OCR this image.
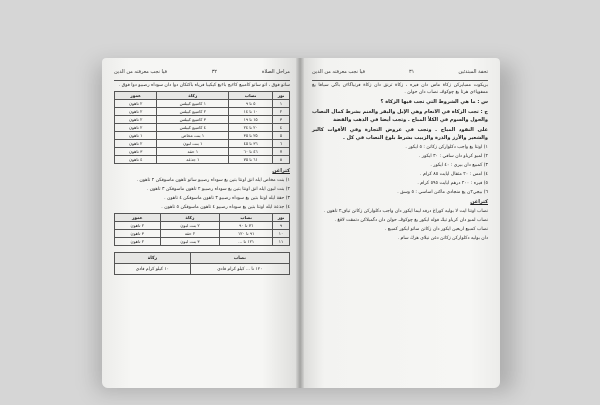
فيا نجب معرفته من الدين	٣٢	مراحل الصلاة

ساتو فوق ، اتو ساتو كامبيع كاءيج باءيغ كيكيبا فرياه باكتكان دوا دان سوداه رصبيو دوا فوق .

نور	نصاب	زكاة	عمور
١	٥ تا ٩	١ كامبيع كيبلس	٢ تاهون
٢	١٠ تا ١٤	٢ كامبيع كيبلس	٢ تاهون
٣	١٥ تا ١٩	٣ كامبيع كيبلس	٢ تاهون
٤	٢٠ تا ٢٤	٤ كامبيع كيبلس	٢ تاهون
٥	٢٥ تا ٣٥	١ بنت مخاض	١ تاهون
٦	٣٦ تا ٤٥	١ بنت لبون	٢ تاهون
٧	٤٦ تا ٦٠	١ حقة	٣ تاهون
٨	٦١ تا ٧٥	١ جذعة	٤ تاهون
كتراغن

١) بنت مخاض ايله انق اونتا بتين يغ سوداه رصبيو ساتو تاهون ماسوقكن ٢ تاهون .

٢) بنت لبون ايله انق اونتا بتين يغ سوداه رصبيو ٢ تاهون ماسوقكن ٣ تاهون .

٣) حقة ايله اونتا بتين يغ سوداه رصبيو ٣ تاهون ماسوقكن ٤ تاهون .

٤) جذعة ايله اونتا بتين يغ سوداه رصبيو ٤ تاهون ماسوقكن ٥ تاهون .

نور	نصاب	زكاة	عمور
٩	٧٦ تا ٩٠	٢ بنت لبون	٢ تاهون
١٠	٩١ تا ١٢٠	٢ حقة	٣ تاهون
١١	١٢١ تا ...	٣ بنت لبون	٢ تاهون
نصاب	زكاة
١٢٠ تا ... كيلو كرام فادي	١٠ كيلو كرام فادي
فيا نجب معرفته من الدين	٣١	تحفة المبتدئين

بريكوت ممبايركن زكاة ماس دان فيره ، زكاة ترنق دان زكاة فرنياڬاءن باڬي سيافا يغ ممفوڽاءي هرتا يغ چوکوڤ نصاب دان حولڽ .

س : ما هي الشروط التي تجب فيها الزكاة ؟

ج : تجب الزكاة في الانعام وهي الإبل والبقر والغنم بشرط كمال النصاب والحول والسوم في الكلأ المباح . وتجب أيضا في الذهب والفضة

على النقود المباح . وتجب في عروض التجارة وفي الأقوات كالبر والشعير والأرز والذرة والزبيب بشرط بلوغ النصاب في كل .

١) اونتا يغ واجب دكلواركن زكاتڽ : ٥ ايكور .

٢) لمبو كرباو دان سافي : ٣٠ ايكور .

٣) كمبيع دان بيري : ٤٠ ايكور .

٤) امس : ٢٠ مثقال ايايت ٨٥ كرام .

٥) فيره : ٢٠٠ درهم ايايت ٥٩٥ كرام .

٦) بيجي٢ن يغ منجادي ماکنن اساسي : ٥ وسق .

كتراغن

نصاب اونتا ايت لا بوليه كوراغ درفد ليما ايكور دان واجب دكلواركن زكاتڽ تياف٢ تاهون .

نصاب لمبو دان كرباو تيڬ فوله ايكور يغ چوکوڤ حولڽ دان دڬمبلاكن دتمڤت لاڤڠ .

نصاب كمبيع اربعين ايكور دان زكاتڽ ساتو ايكور كمبيع .

دان بوليه دكلواركن زكاتڽ دغن نيلاي هرڬ سام .
